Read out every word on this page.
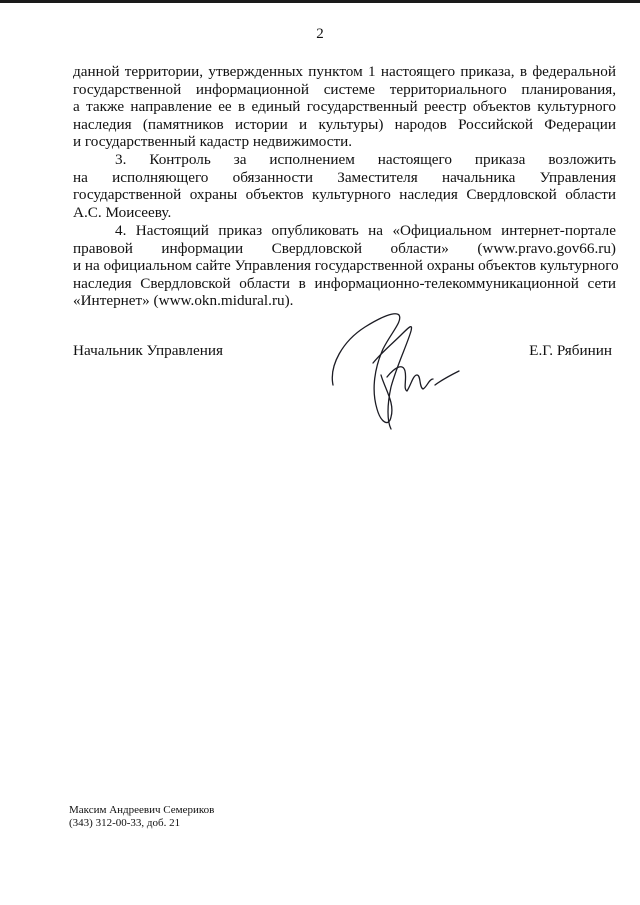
2
данной территории, утвержденных пунктом 1 настоящего приказа, в федеральной
государственной информационной системе территориального планирования,
а также направление ее в единый государственный реестр объектов культурного
наследия (памятников истории и культуры) народов Российской Федерации
и государственный кадастр недвижимости.
3. Контроль за исполнением настоящего приказа возложить
на исполняющего обязанности Заместителя начальника Управления
государственной охраны объектов культурного наследия Свердловской области
А.С. Моисееву.
4. Настоящий приказ опубликовать на «Официальном интернет-портале
правовой информации Свердловской области» (www.pravo.gov66.ru)
и на официальном сайте Управления государственной охраны объектов культурного
наследия Свердловской области в информационно-телекоммуникационной сети
«Интернет» (www.okn.midural.ru).
Начальник Управления	Е.Г. Рябинин
Максим Андреевич Семериков
(343) 312-00-33, доб. 21
